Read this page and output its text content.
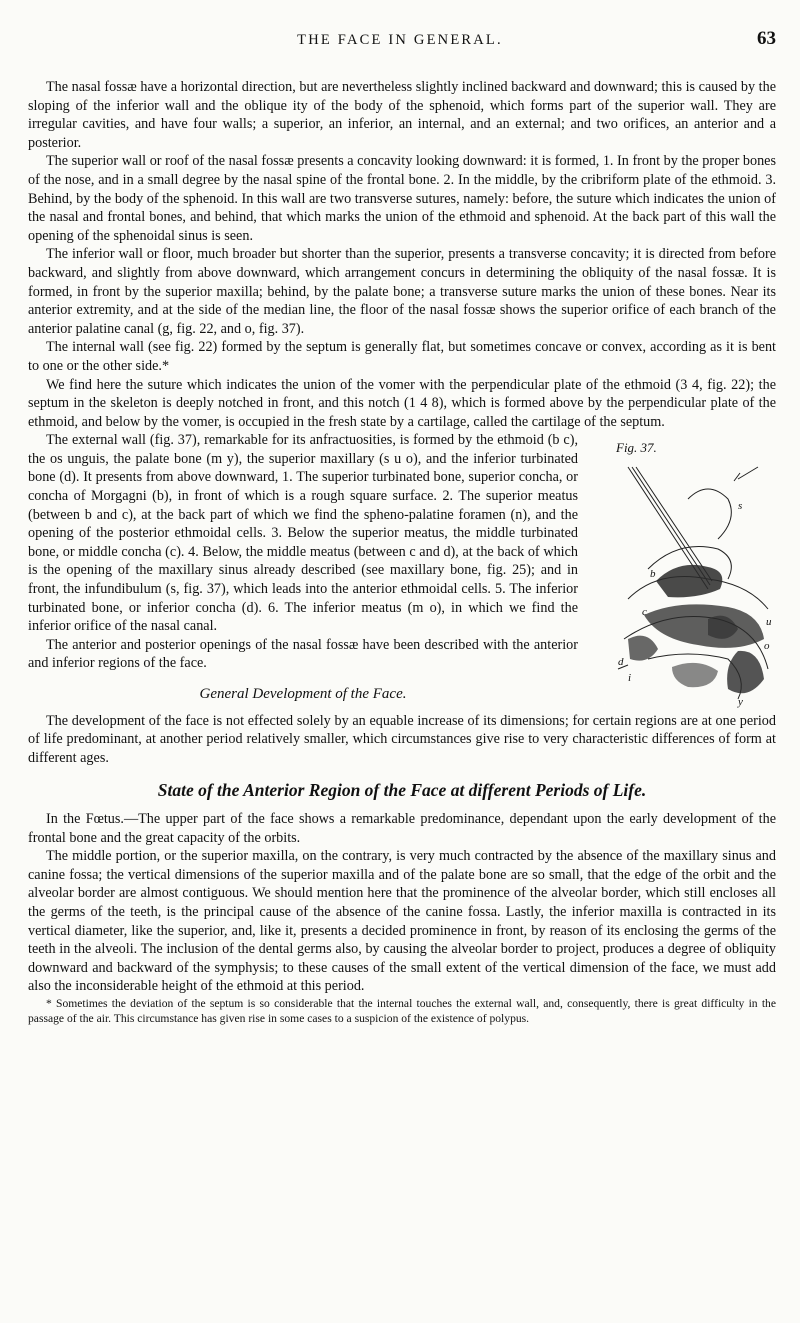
THE FACE IN GENERAL.	63

The nasal fossæ have a horizontal direction, but are nevertheless slightly inclined backward and downward; this is caused by the sloping of the inferior wall and the oblique ity of the body of the sphenoid, which forms part of the superior wall. They are irregular cavities, and have four walls; a superior, an inferior, an internal, and an external; and two orifices, an anterior and a posterior.

The superior wall or roof of the nasal fossæ presents a concavity looking downward: it is formed, 1. In front by the proper bones of the nose, and in a small degree by the nasal spine of the frontal bone. 2. In the middle, by the cribriform plate of the ethmoid. 3. Behind, by the body of the sphenoid. In this wall are two transverse sutures, namely: before, the suture which indicates the union of the nasal and frontal bones, and behind, that which marks the union of the ethmoid and sphenoid. At the back part of this wall the opening of the sphenoidal sinus is seen.

The inferior wall or floor, much broader but shorter than the superior, presents a transverse concavity; it is directed from before backward, and slightly from above downward, which arrangement concurs in determining the obliquity of the nasal fossæ. It is formed, in front by the superior maxilla; behind, by the palate bone; a transverse suture marks the union of these bones. Near its anterior extremity, and at the side of the median line, the floor of the nasal fossæ shows the superior orifice of each branch of the anterior palatine canal (g, fig. 22, and o, fig. 37).

The internal wall (see fig. 22) formed by the septum is generally flat, but sometimes concave or convex, according as it is bent to one or the other side.*

We find here the suture which indicates the union of the vomer with the perpendicular plate of the ethmoid (3 4, fig. 22); the septum in the skeleton is deeply notched in front, and this notch (1 4 8), which is formed above by the perpendicular plate of the ethmoid, and below by the vomer, is occupied in the fresh state by a cartilage, called the cartilage of the septum.

Fig. 37.
b
c
u
o
d
i
s
y

The external wall (fig. 37), remarkable for its anfractuosities, is formed by the ethmoid (b c), the os unguis, the palate bone (m y), the superior maxillary (s u o), and the inferior turbinated bone (d). It presents from above downward, 1. The superior turbinated bone, superior concha, or concha of Morgagni (b), in front of which is a rough square surface. 2. The superior meatus (between b and c), at the back part of which we find the spheno-palatine foramen (n), and the opening of the posterior ethmoidal cells. 3. Below the superior meatus, the middle turbinated bone, or middle concha (c). 4. Below, the middle meatus (between c and d), at the back of which is the opening of the maxillary sinus already described (see maxillary bone, fig. 25); and in front, the infundibulum (s, fig. 37), which leads into the anterior ethmoidal cells. 5. The inferior turbinated bone, or inferior concha (d). 6. The inferior meatus (m o), in which we find the inferior orifice of the nasal canal.

The anterior and posterior openings of the nasal fossæ have been described with the anterior and inferior regions of the face.

General Development of the Face.

The development of the face is not effected solely by an equable increase of its dimensions; for certain regions are at one period of life predominant, at another period relatively smaller, which circumstances give rise to very characteristic differences of form at different ages.

State of the Anterior Region of the Face at different Periods of Life.

In the Fœtus.—The upper part of the face shows a remarkable predominance, dependant upon the early development of the frontal bone and the great capacity of the orbits.

The middle portion, or the superior maxilla, on the contrary, is very much contracted by the absence of the maxillary sinus and canine fossa; the vertical dimensions of the superior maxilla and of the palate bone are so small, that the edge of the orbit and the alveolar border are almost contiguous. We should mention here that the prominence of the alveolar border, which still encloses all the germs of the teeth, is the principal cause of the absence of the canine fossa. Lastly, the inferior maxilla is contracted in its vertical diameter, like the superior, and, like it, presents a decided prominence in front, by reason of its enclosing the germs of the teeth in the alveoli. The inclusion of the dental germs also, by causing the alveolar border to project, produces a degree of obliquity downward and backward of the symphysis; to these causes of the small extent of the vertical dimension of the face, we must add also the inconsiderable height of the ethmoid at this period.

* Sometimes the deviation of the septum is so considerable that the internal touches the external wall, and, consequently, there is great difficulty in the passage of the air. This circumstance has given rise in some cases to a suspicion of the existence of polypus.
